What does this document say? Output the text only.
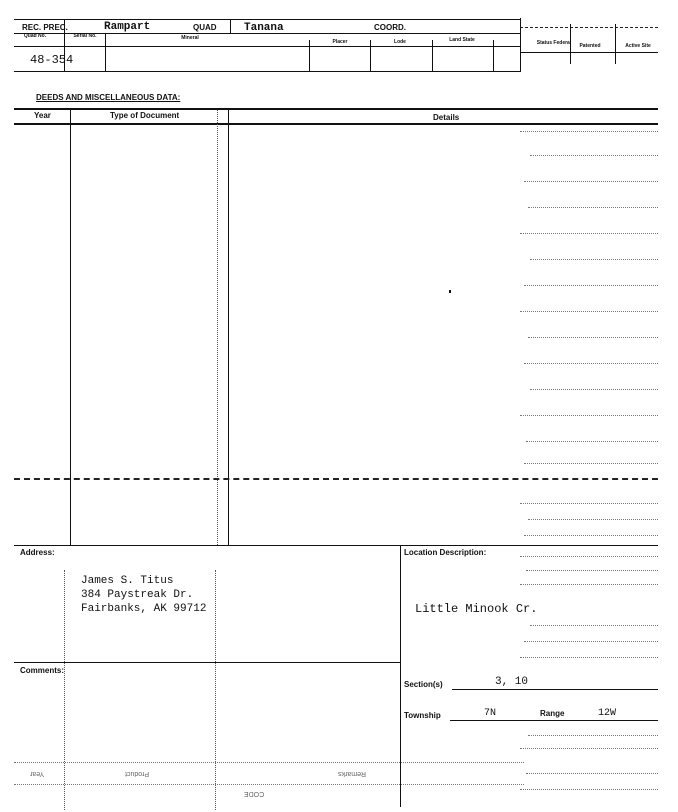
REC. PREC.	Rampart	QUAD Tanana	COORD.
Quad No.	Serial No.	Mineral
Placer	Lode	Land State	Status Federal	Patented	Active Site
48-354
DEEDS AND MISCELLANEOUS DATA:
Year	Type of Document	Details
Address:	Location Description:
James S. Titus
384 Paystreak Dr.
Fairbanks, AK 99712	Little Minook Cr.
Comments:
Section(s)	3, 10
Township	7N	Range	12W
Year	Product	Remarks
CODE
